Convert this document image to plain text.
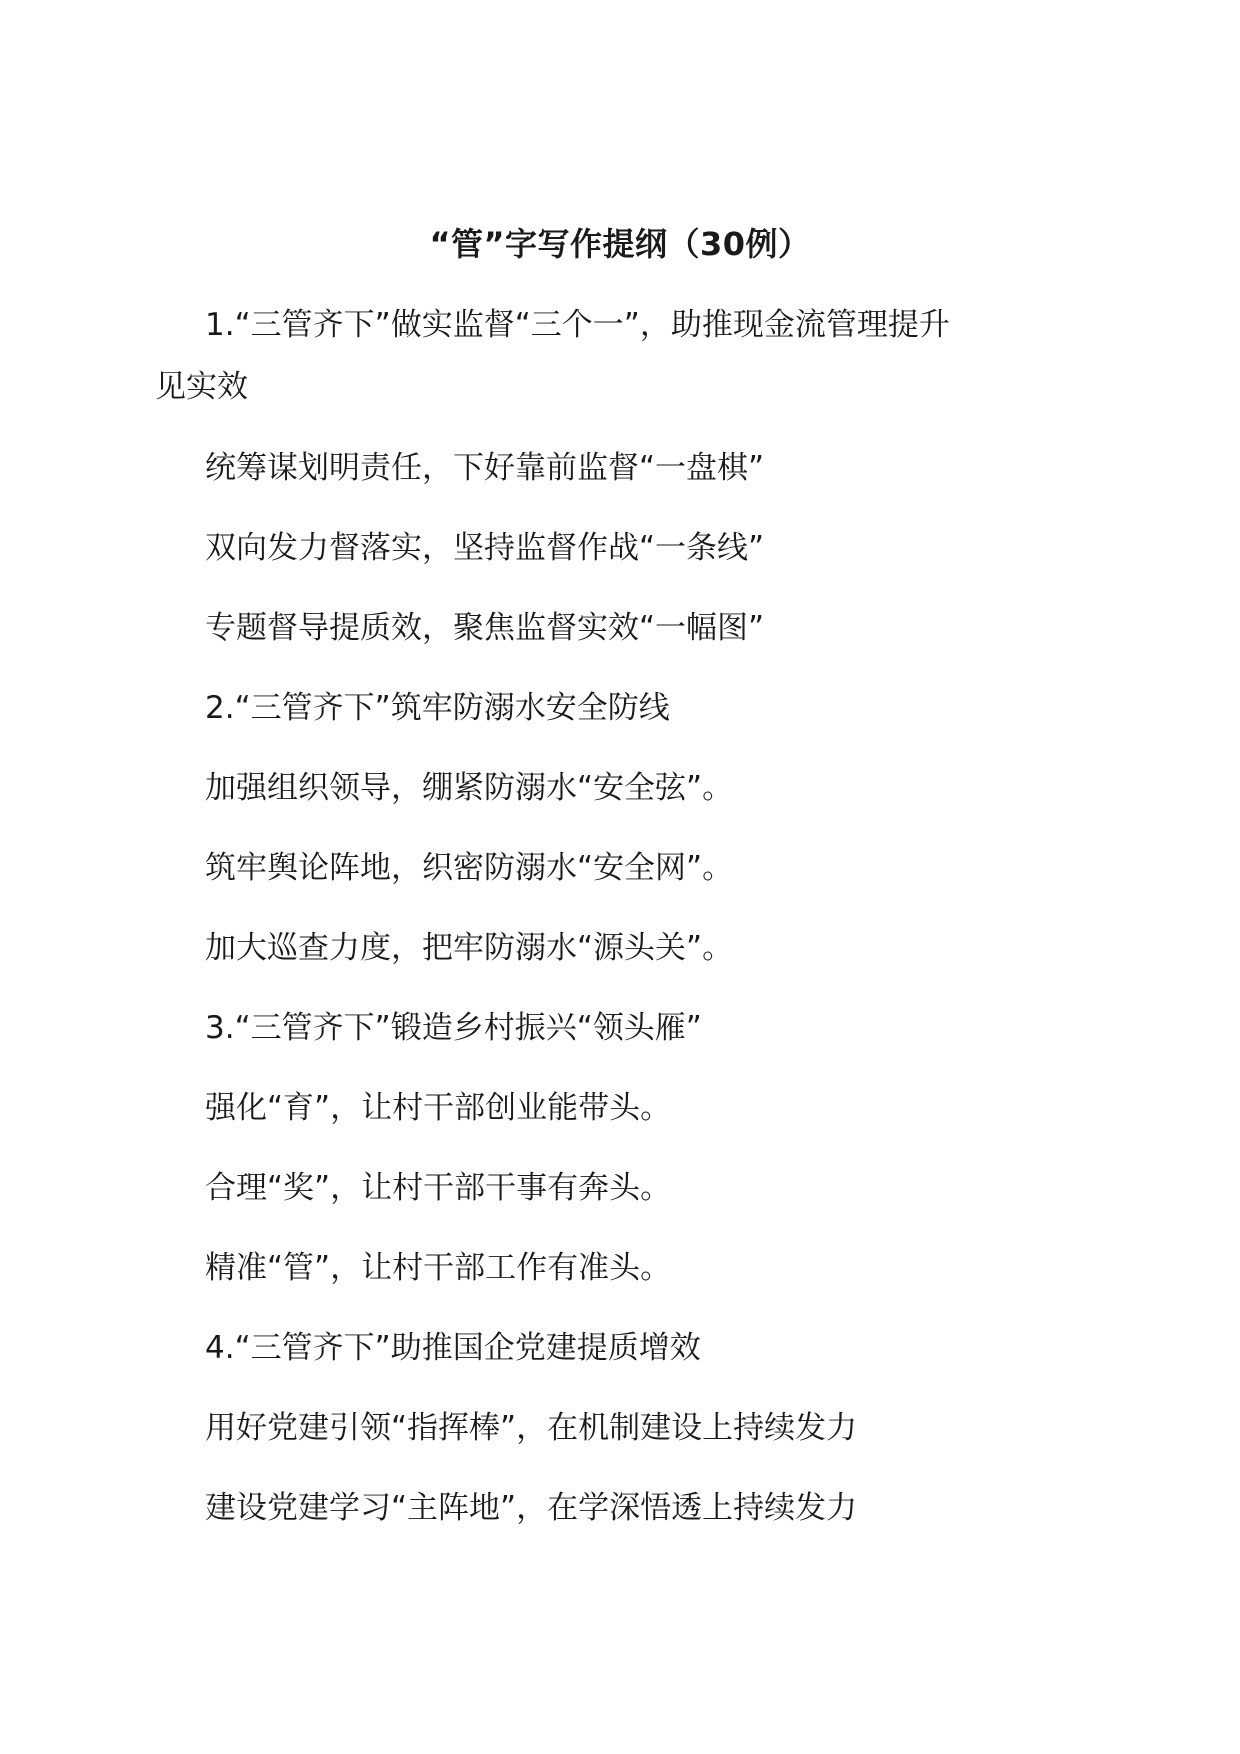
“管”字写作提纲（30例）
1.“三管齐下”做实监督“三个一”，助推现金流管理提升
见实效
统筹谋划明责任，下好靠前监督“一盘棋”
双向发力督落实，坚持监督作战“一条线”
专题督导提质效，聚焦监督实效“一幅图”
2.“三管齐下”筑牢防溺水安全防线
加强组织领导，绷紧防溺水“安全弦”。
筑牢舆论阵地，织密防溺水“安全网”。
加大巡查力度，把牢防溺水“源头关”。
3.“三管齐下”锻造乡村振兴“领头雁”
强化“育”，让村干部创业能带头。
合理“奖”，让村干部干事有奔头。
精准“管”，让村干部工作有准头。
4.“三管齐下”助推国企党建提质增效
用好党建引领“指挥棒”，在机制建设上持续发力
建设党建学习“主阵地”，在学深悟透上持续发力
